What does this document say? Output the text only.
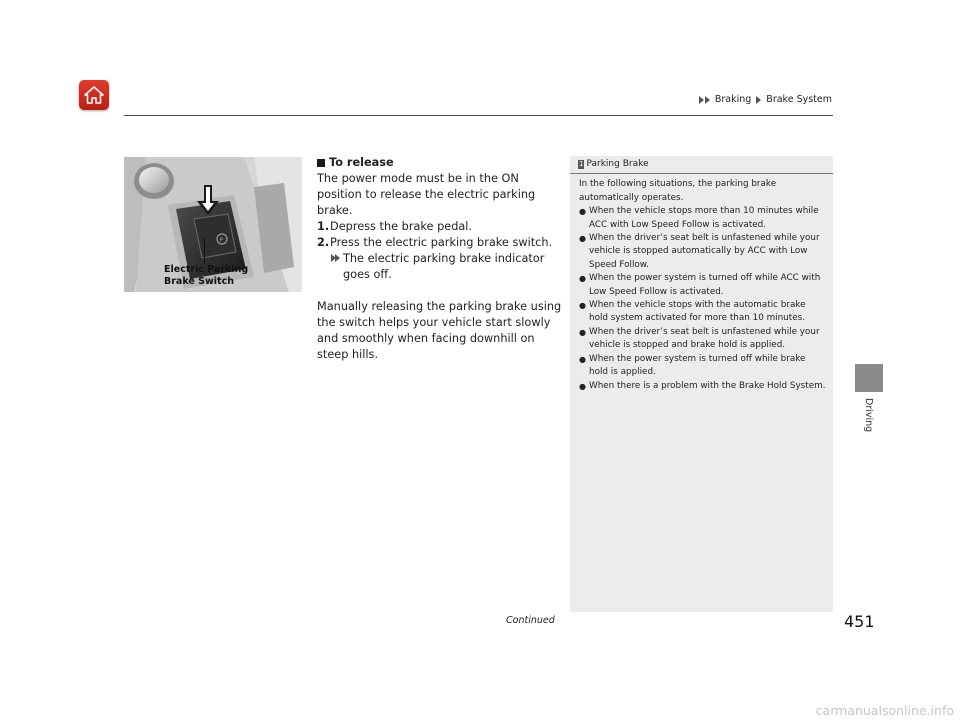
Braking Brake System
Driving
P
Electric Parking
Brake Switch
To release

The power mode must be in the ON position to release the electric parking brake.

1. Depress the brake pedal.
2. Press the electric parking brake switch.
The electric parking brake indicator goes off.

Manually releasing the parking brake using the switch helps your vehicle start slowly and smoothly when facing downhill on steep hills.

1 Parking Brake
In the following situations, the parking brake automatically operates.
● When the vehicle stops more than 10 minutes while ACC with Low Speed Follow is activated.
● When the driver’s seat belt is unfastened while your vehicle is stopped automatically by ACC with Low Speed Follow.
● When the power system is turned off while ACC with Low Speed Follow is activated.
● When the vehicle stops with the automatic brake hold system activated for more than 10 minutes.
● When the driver’s seat belt is unfastened while your vehicle is stopped and brake hold is applied.
● When the power system is turned off while brake hold is applied.
● When there is a problem with the Brake Hold System.
Continued	451
carmanualsonline.info
